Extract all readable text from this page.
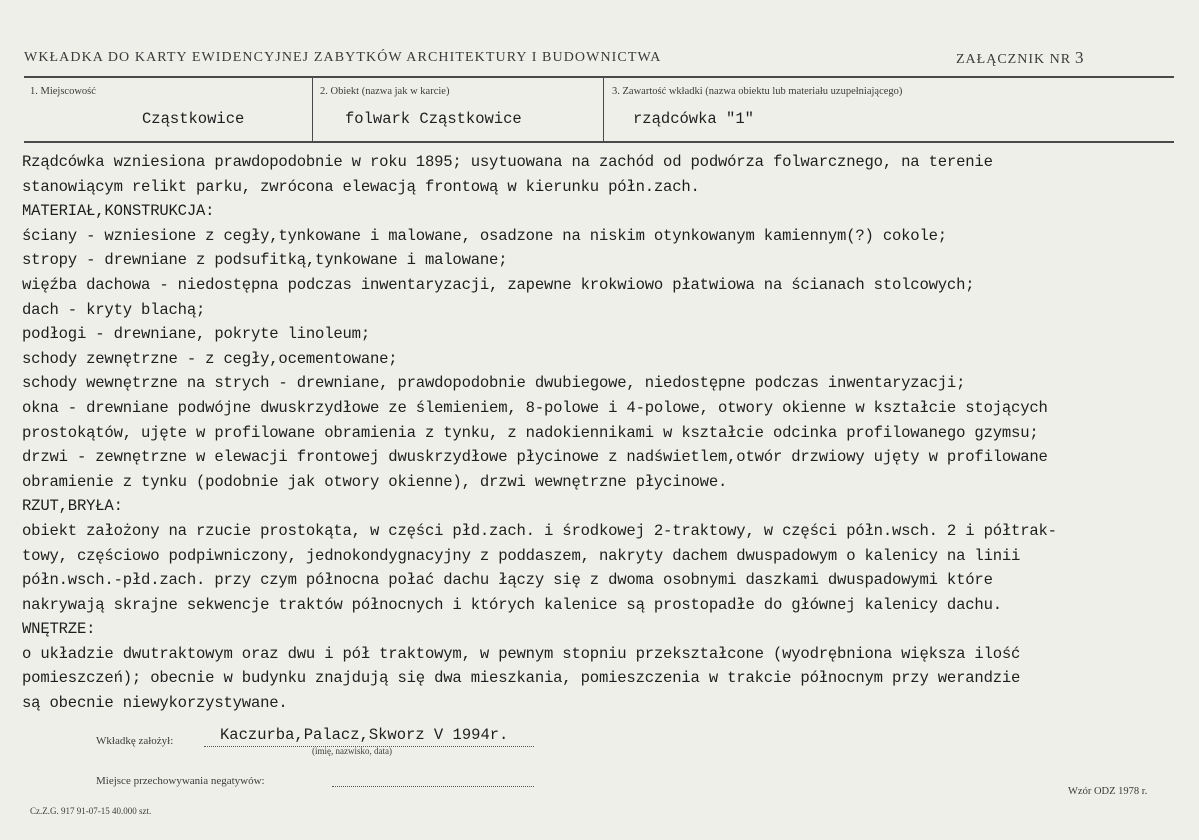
WKŁADKA DO KARTY EWIDENCYJNEJ ZABYTKÓW ARCHITEKTURY I BUDOWNICTWA	ZAŁĄCZNIK NR 3
1. Miejscowość
Cząstkowice
2. Obiekt (nazwa jak w karcie)
folwark Cząstkowice
3. Zawartość wkładki (nazwa obiektu lub materiału uzupełniającego)
rządcówka "1"
Rządcówka wzniesiona prawdopodobnie w roku 1895; usytuowana na zachód od podwórza folwarcznego, na terenie
stanowiącym relikt parku, zwrócona elewacją frontową w kierunku półn.zach.
MATERIAŁ,KONSTRUKCJA:
ściany - wzniesione z cegły,tynkowane i malowane, osadzone na niskim otynkowanym kamiennym(?) cokole;
stropy - drewniane z podsufitką,tynkowane i malowane;
więźba dachowa - niedostępna podczas inwentaryzacji, zapewne krokwiowo płatwiowa na ścianach stolcowych;
dach - kryty blachą;
podłogi - drewniane, pokryte linoleum;
schody zewnętrzne - z cegły,ocementowane;
schody wewnętrzne na strych - drewniane, prawdopodobnie dwubiegowe, niedostępne podczas inwentaryzacji;
okna - drewniane podwójne dwuskrzydłowe ze ślemieniem, 8-polowe i 4-polowe, otwory okienne w kształcie stojących
prostokątów, ujęte w profilowane obramienia z tynku, z nadokiennikami w kształcie odcinka profilowanego gzymsu;
drzwi - zewnętrzne w elewacji frontowej dwuskrzydłowe płycinowe z nadświetlem,otwór drzwiowy ujęty w profilowane
obramienie z tynku (podobnie jak otwory okienne), drzwi wewnętrzne płycinowe.
RZUT,BRYŁA:
obiekt założony na rzucie prostokąta, w części płd.zach. i środkowej 2-traktowy, w części półn.wsch. 2 i półtrak-
towy, częściowo podpiwniczony, jednokondygnacyjny z poddaszem, nakryty dachem dwuspadowym o kalenicy na linii
półn.wsch.-płd.zach. przy czym północna połać dachu łączy się z dwoma osobnymi daszkami dwuspadowymi które
nakrywają skrajne sekwencje traktów północnych i których kalenice są prostopadłe do głównej kalenicy dachu.
WNĘTRZE:
o układzie dwutraktowym oraz dwu i pół traktowym, w pewnym stopniu przekształcone (wyodrębniona większa ilość
pomieszczeń); obecnie w budynku znajdują się dwa mieszkania, pomieszczenia w trakcie północnym przy werandzie
są obecnie niewykorzystywane.
Wkładkę założył:	Kaczurba,Palacz,Skworz V 1994r.
(imię, nazwisko, data)
Miejsce przechowywania negatywów:
Cz.Z.G. 917 91-07-15 40.000 szt.
Wzór ODZ 1978 r.
